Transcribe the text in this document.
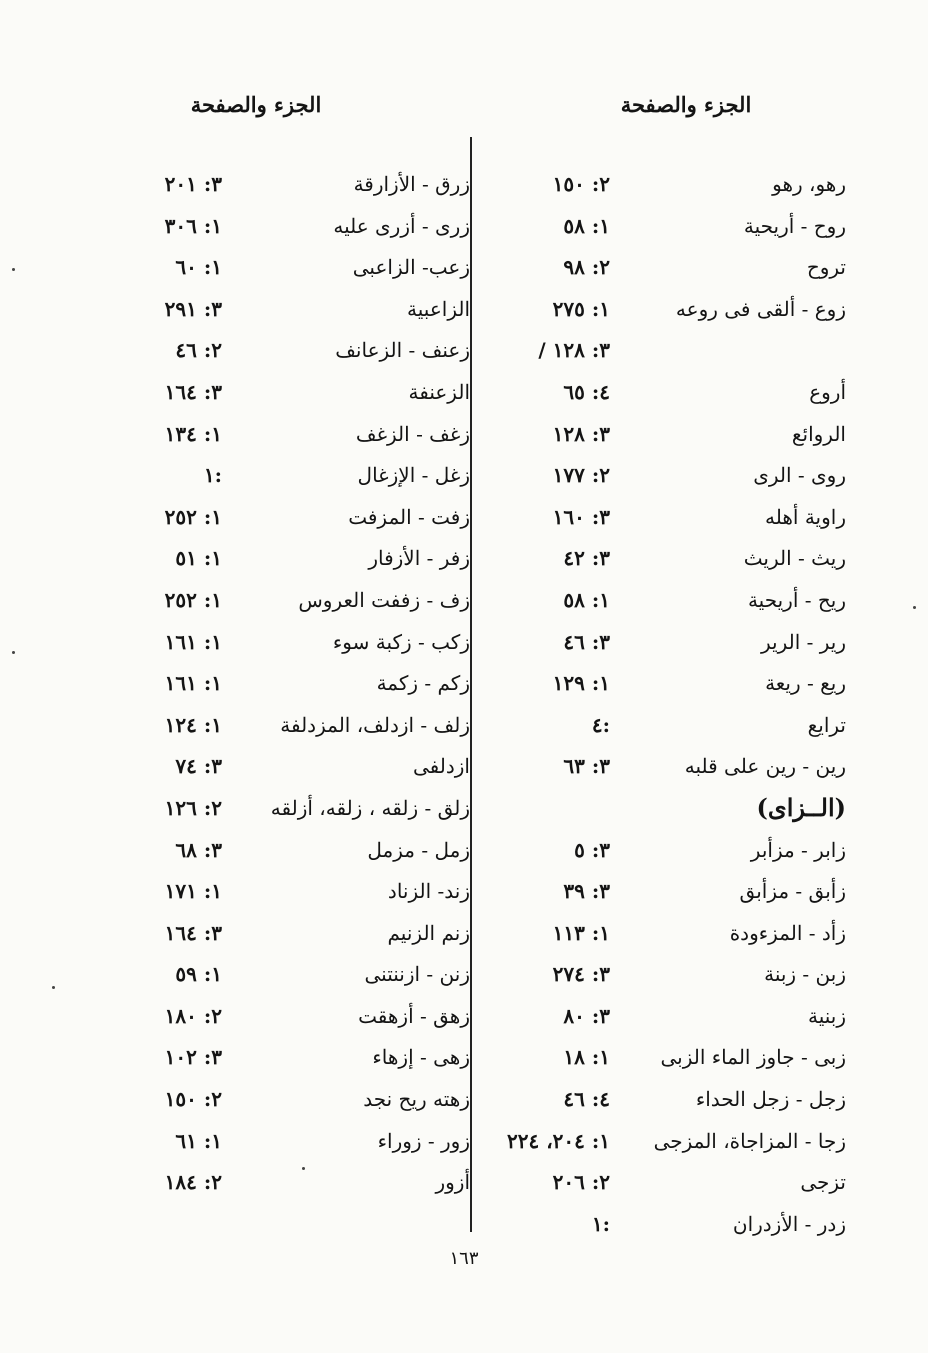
الجزء والصفحة
الجزء والصفحة
رهو، رهو
٢: ١٥٠
روح - أريحية
١: ٥٨
تروح
٢: ٩٨
زوع - ألقى فى روعه
١: ٢٧٥
/ ٣: ١٢٨
أروع
٤: ٦٥
الروائع
٣: ١٢٨
روى - الرى
٢: ١٧٧
راوية أهله
٣: ١٦٠
ريث - الريث
٣: ٤٢
ريح - أريحية
١: ٥٨
رير - الرير
٣: ٤٦
ريع - ريعة
١: ١٢٩
ترايع
٤:
رين - رين على قلبه
٣: ٦٣
(الــزاى)
زابر - مزأبر
٣: ٥
زأبق - مزأبق
٣: ٣٩
زأد - المزءودة
١: ١١٣
زبن - زبنة
٣: ٢٧٤
زبنية
٣: ٨٠
زبى - جاوز الماء الزبى
١: ١٨
زجل - زجل الحداء
٤: ٤٦
زجا - المزاجاة، المزجى
١: ٢٠٤، ٢٢٤
تزجى
٢: ٢٠٦
زدر - الأزدران
١:
زرق - الأزارقة
٣: ٢٠١
زرى - أزرى عليه
١: ٣٠٦
زعب- الزاعبى
١: ٦٠
الزاعبية
٣: ٢٩١
زعنف - الزعانف
٢: ٤٦
الزعنفة
٣: ١٦٤
زغف - الزغف
١: ١٣٤
زغل - الإزغال
١:
زفت - المزفت
١: ٢٥٢
زفر - الأزفار
١: ٥١
زف - زففت العروس
١: ٢٥٢
زكب - زكبة سوء
١: ١٦١
زكم - زكمة
١: ١٦١
زلف - ازدلف، المزدلفة
١: ١٢٤
ازدلفى
٣: ٧٤
زلق - زلقه ، زلقه، أزلقه
٢: ١٢٦
زمل - مزمل
٣: ٦٨
زند- الزناد
١: ١٧١
زنم الزنيم
٣: ١٦٤
زنن - ازننتنى
١: ٥٩
زهق - أزهقت
٢: ١٨٠
زهى - إزهاء
٣: ١٠٢
زهته ريح نجد
٢: ١٥٠
زور - زوراء
١: ٦١
أزور
٢: ١٨٤
١٦٣
